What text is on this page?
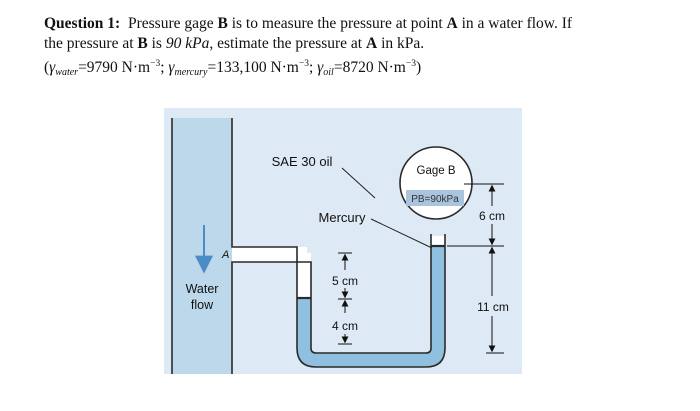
Question 1: Pressure gage B is to measure the pressure at point A in a water flow. If
the pressure at B is 90 kPa, estimate the pressure at A in kPa.
($\gamma_{water}=9790$ $N\cdot m^{-3}$; $\gamma_{mercury}=133,100$ $N\cdot m^{-3}$; $\gamma_{oil}=8720$ $N\cdot m^{-3}$)
Gage B
PB=90kPa
SAE 30 oil
Mercury
A
Water
flow
5 cm
4 cm
6 cm
11 cm
